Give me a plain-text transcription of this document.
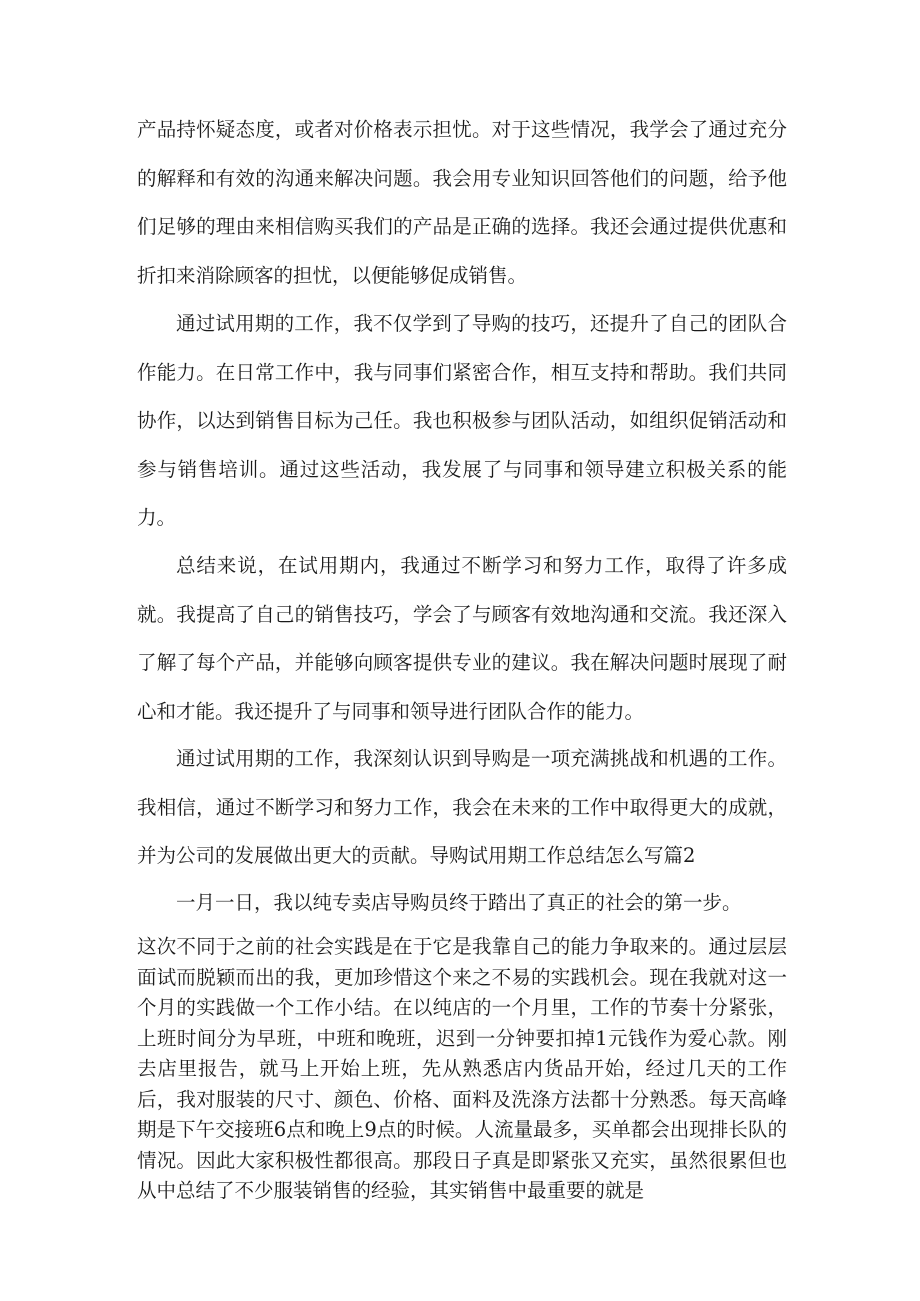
产品持怀疑态度，或者对价格表示担忧。对于这些情况，我学会了通过充分的解释和有效的沟通来解决问题。我会用专业知识回答他们的问题，给予他们足够的理由来相信购买我们的产品是正确的选择。我还会通过提供优惠和折扣来消除顾客的担忧，以便能够促成销售。

通过试用期的工作，我不仅学到了导购的技巧，还提升了自己的团队合作能力。在日常工作中，我与同事们紧密合作，相互支持和帮助。我们共同协作，以达到销售目标为己任。我也积极参与团队活动，如组织促销活动和参与销售培训。通过这些活动，我发展了与同事和领导建立积极关系的能力。

总结来说，在试用期内，我通过不断学习和努力工作，取得了许多成就。我提高了自己的销售技巧，学会了与顾客有效地沟通和交流。我还深入了解了每个产品，并能够向顾客提供专业的建议。我在解决问题时展现了耐心和才能。我还提升了与同事和领导进行团队合作的能力。

通过试用期的工作，我深刻认识到导购是一项充满挑战和机遇的工作。我相信，通过不断学习和努力工作，我会在未来的工作中取得更大的成就，并为公司的发展做出更大的贡献。导购试用期工作总结怎么写篇2

一月一日，我以纯专卖店导购员终于踏出了真正的社会的第一步。

这次不同于之前的社会实践是在于它是我靠自己的能力争取来的。通过层层面试而脱颖而出的我，更加珍惜这个来之不易的实践机会。现在我就对这一个月的实践做一个工作小结。在以纯店的一个月里，工作的节奏十分紧张，上班时间分为早班，中班和晚班，迟到一分钟要扣掉1元钱作为爱心款。刚去店里报告，就马上开始上班，先从熟悉店内货品开始，经过几天的工作后，我对服装的尺寸、颜色、价格、面料及洗涤方法都十分熟悉。每天高峰期是下午交接班6点和晚上9点的时候。人流量最多，买单都会出现排长队的情况。因此大家积极性都很高。那段日子真是即紧张又充实，虽然很累但也从中总结了不少服装销售的经验，其实销售中最重要的就是
